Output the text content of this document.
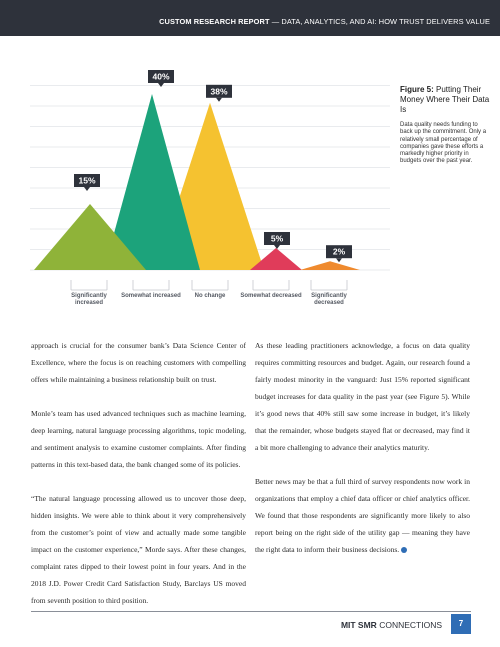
CUSTOM RESEARCH REPORT — DATA, ANALYTICS, AND AI: HOW TRUST DELIVERS VALUE
15%
40%
38%
5%
2%
Figure 5: Putting Their Money Where Their Data Is
Data quality needs funding to back up the commitment. Only a relatively small percentage of companies gave these efforts a markedly higher priority in budgets over the past year.

approach is crucial for the consumer bank’s Data Science Center of Excellence, where the focus is on reaching customers with compelling offers while maintaining a business relationship built on trust.

Monle’s team has used advanced techniques such as machine learning, deep learning, natural language processing algorithms, topic modeling, and sentiment analysis to examine customer complaints. After finding patterns in this text-based data, the bank changed some of its policies.

“The natural language processing allowed us to uncover those deep, hidden insights. We were able to think about it very comprehensively from the customer’s point of view and actually made some tangible impact on the customer experience,” Morde says. After these changes, complaint rates dipped to their lowest point in four years. And in the 2018 J.D. Power Credit Card Satisfaction Study, Barclays US moved from seventh position to third position.

As these leading practitioners acknowledge, a focus on data quality requires committing resources and budget. Again, our research found a fairly modest minority in the vanguard: Just 15% reported significant budget increases for data quality in the past year (see Figure 5). While it’s good news that 40% still saw some increase in budget, it’s likely that the remainder, whose budgets stayed flat or decreased, may find it a bit more challenging to advance their analytics maturity.

Better news may be that a full third of survey respondents now work in organizations that employ a chief data officer or chief analytics officer. We found that those respondents are significantly more likely to also report being on the right side of the utility gap — meaning they have the right data to inform their business decisions.

MIT SMR CONNECTIONS	7
Significantly increased
Somewhat increased	No change	Somewhat decreased	Significantly decreased
